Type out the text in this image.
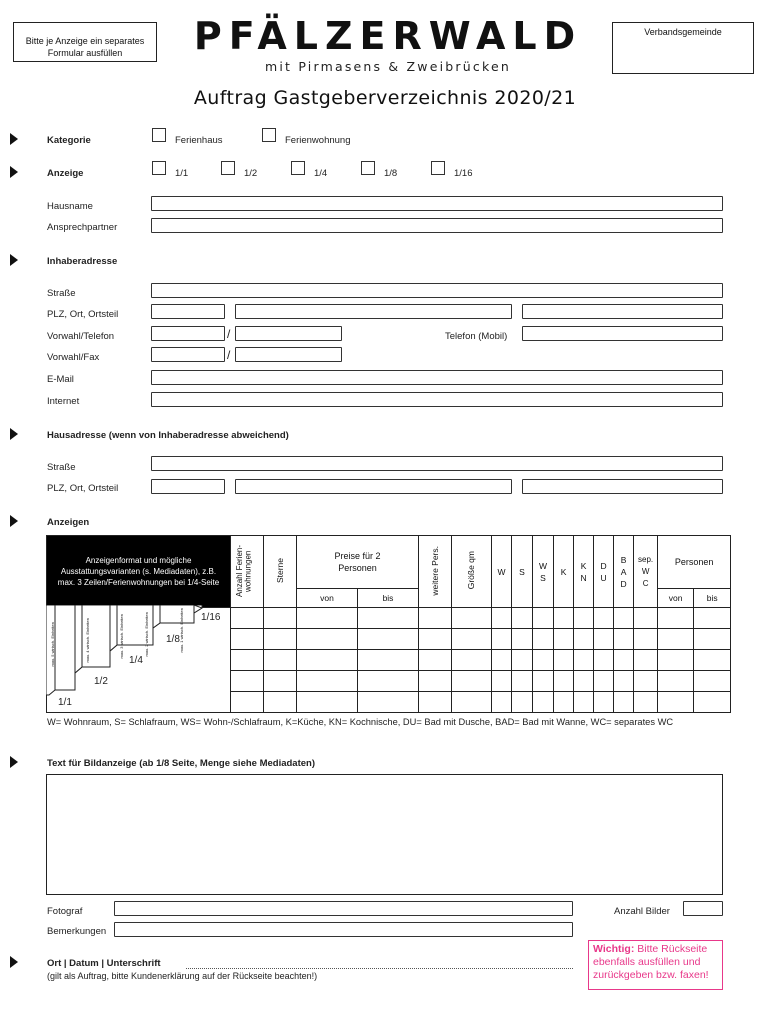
Bitte je Anzeige ein separates Formular ausfüllen	PFÄLZERWALD
mit Pirmasens & Zweibrücken
Verbandsgemeinde
Auftrag Gastgeberverzeichnis 2020/21
Kategorie	Ferienhaus	Ferienwohnung
Anzeige	1/1	1/2	1/4	1/8	1/16
Hausname
Ansprechpartner
Inhaberadresse
Straße
PLZ, Ort, Ortsteil
Vorwahl/Telefon	/	Telefon (Mobil)
Vorwahl/Fax	/
E-Mail
Internet
Hausadresse (wenn von Inhaberadresse abweichend)
Straße
PLZ, Ort, Ortsteil
Anzeigen
Anzeigenformat und mögliche Ausstattungsvarianten (s. Mediadaten), z.B. max. 3 Zeilen/Ferienwohnungen bei 1/4-Seite	Anzahl Ferien-wohnungen	Sterne	Preise für 2 Personen		weitere Pers.	Größe qm	W	S	W S	K	K N	D U	B A D	sep. W C	Personen	
			von	bis											von	bis

1/16
1/8
1/4
1/2
1/1
max. 1 wirtsch. Einheiten
max. 2 wirtsch. Einheiten
max. 3 wirtsch. Einheiten
max. 4 wirtsch. Einheiten
max. 5 wirtsch. Einheiten
W= Wohnraum, S= Schlafraum, WS= Wohn-/Schlafraum, K=Küche, KN= Kochnische, DU= Bad mit Dusche, BAD= Bad mit Wanne, WC= separates WC
Text für Bildanzeige (ab 1/8 Seite, Menge siehe Mediadaten)
Fotograf	Anzahl Bilder
Bemerkungen
Wichtig: Bitte Rückseite ebenfalls ausfüllen und zurückgeben bzw. faxen!
Ort | Datum | Unterschrift
(gilt als Auftrag, bitte Kundenerklärung auf der Rückseite beachten!)
